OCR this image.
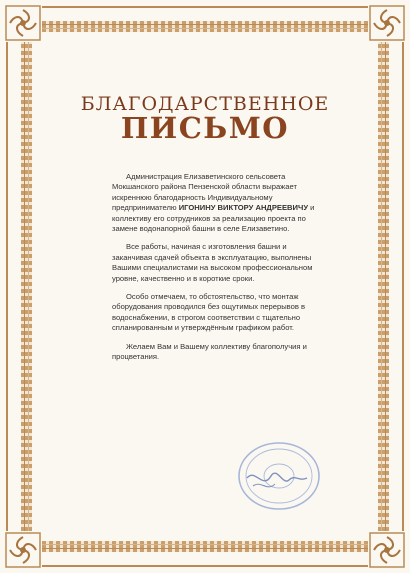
БЛАГОДАРСТВЕННОЕ
ПИСЬМО

Администрация Елизаветинского сельсовета Мокшанского района Пензенской области выражает искреннюю благодарность Индивидуальному предпринимателю ИГОНИНУ ВИКТОРУ АНДРЕЕВИЧУ и коллективу его сотрудников за реализацию проекта по замене водонапорной башни в селе Елизаветино.

Все работы, начиная с изготовления башни и заканчивая сдачей объекта в эксплуатацию, выполнены Вашими специалистами на высоком профессиональном уровне, качественно и в короткие сроки.

Особо отмечаем, то обстоятельство, что монтаж оборудования проводился без ощутимых перерывов в водоснабжении, в строгом соответствии с тщательно спланированным и утверждённым графиком работ.

Желаем Вам и Вашему коллективу благополучия и процветания.
